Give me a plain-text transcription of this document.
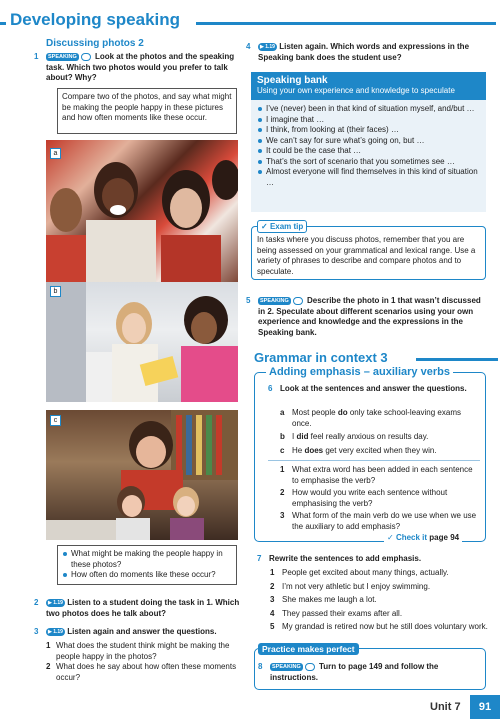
Developing speaking
Discussing photos 2
1	SPEAKING Look at the photos and the speaking task. Which two photos would you prefer to talk about? Why?
Compare two of the photos, and say what might be making the people happy in these pictures and how often moments like these occur.
a
b
c
What might be making the people happy in these photos?
How often do moments like these occur?
2	▶ 1.19 Listen to a student doing the task in 1. Which two photos does he talk about?
3	▶ 1.19 Listen again and answer the questions.
1 What does the student think might be making the people happy in the photos?
2 What does he say about how often these moments occur?
4	▶ 1.19 Listen again. Which words and expressions in the Speaking bank does the student use?
Speaking bank
Using your own experience and knowledge to speculate
I’ve (never) been in that kind of situation myself, and/but …
I imagine that …
I think, from looking at (their faces) …
We can’t say for sure what’s going on, but …
It could be the case that …
That’s the sort of scenario that you sometimes see …
Almost everyone will find themselves in this kind of situation …
✓ Exam tip
In tasks where you discuss photos, remember that you are being assessed on your grammatical and lexical range. Use a variety of phrases to describe and compare photos and to speculate.
5	SPEAKING Describe the photo in 1 that wasn’t discussed in 2. Speculate about different scenarios using your own experience and knowledge and the expressions in the Speaking bank.
Grammar in context 3
Adding emphasis – auxiliary verbs
6 Look at the sentences and answer the questions.
a Most people do only take school-leaving exams once.
b I did feel really anxious on results day.
c He does get very excited when they win.
1 What extra word has been added in each sentence to emphasise the verb?
2 How would you write each sentence without emphasising the verb?
3 What form of the main verb do we use when we use the auxiliary to add emphasis?
✓ Check it page 94
7 Rewrite the sentences to add emphasis.
1 People get excited about many things, actually.
2 I’m not very athletic but I enjoy swimming.
3 She makes me laugh a lot.
4 They passed their exams after all.
5 My grandad is retired now but he still does voluntary work.
Practice makes perfect
8	SPEAKING Turn to page 149 and follow the instructions.
Unit 7	91
